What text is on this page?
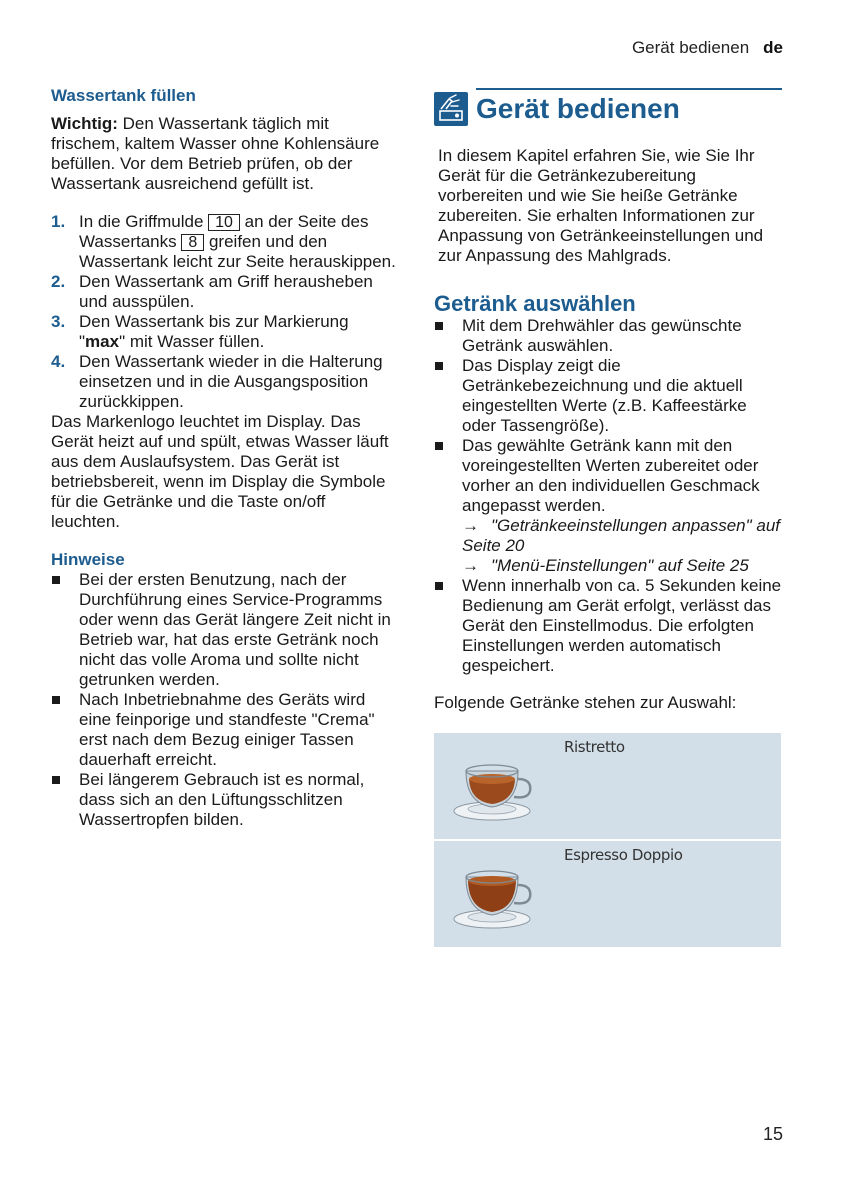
Gerät bedienen de
Wassertank füllen

Wichtig: Den Wassertank täglich mit frischem, kaltem Wasser ohne Kohlensäure befüllen. Vor dem Betrieb prüfen, ob der Wassertank ausreichend gefüllt ist.

1. In die Griffmulde 10 an der Seite des Wassertanks 8 greifen und den Wassertank leicht zur Seite herauskippen.
2. Den Wassertank am Griff herausheben und ausspülen.
3. Den Wassertank bis zur Markierung "max" mit Wasser füllen.
4. Den Wassertank wieder in die Halterung einsetzen und in die Ausgangsposition zurückkippen.

Das Markenlogo leuchtet im Display. Das Gerät heizt auf und spült, etwas Wasser läuft aus dem Auslaufsystem. Das Gerät ist betriebsbereit, wenn im Display die Symbole für die Getränke und die Taste on/off leuchten.

Hinweise
Bei der ersten Benutzung, nach der Durchführung eines Service-Programms oder wenn das Gerät längere Zeit nicht in Betrieb war, hat das erste Getränk noch nicht das volle Aroma und sollte nicht getrunken werden.
Nach Inbetriebnahme des Geräts wird eine feinporige und standfeste "Crema" erst nach dem Bezug einiger Tassen dauerhaft erreicht.
Bei längerem Gebrauch ist es normal, dass sich an den Lüftungsschlitzen Wassertropfen bilden.
Gerät bedienen

In diesem Kapitel erfahren Sie, wie Sie Ihr Gerät für die Getränkezubereitung vorbereiten und wie Sie heiße Getränke zubereiten. Sie erhalten Informationen zur Anpassung von Getränkeeinstellungen und zur Anpassung des Mahlgrads.

Getränk auswählen
Mit dem Drehwähler das gewünschte Getränk auswählen.
Das Display zeigt die Getränkebezeichnung und die aktuell eingestellten Werte (z.B. Kaffeestärke oder Tassengröße).
Das gewählte Getränk kann mit den voreingestellten Werten zubereitet oder vorher an den individuellen Geschmack angepasst werden.
→ "Getränkeeinstellungen anpassen" auf Seite 20
→ "Menü-Einstellungen" auf Seite 25
Wenn innerhalb von ca. 5 Sekunden keine Bedienung am Gerät erfolgt, verlässt das Gerät den Einstellmodus. Die erfolgten Einstellungen werden automatisch gespeichert.

Folgende Getränke stehen zur Auswahl:

Ristretto
Espresso Doppio
15
